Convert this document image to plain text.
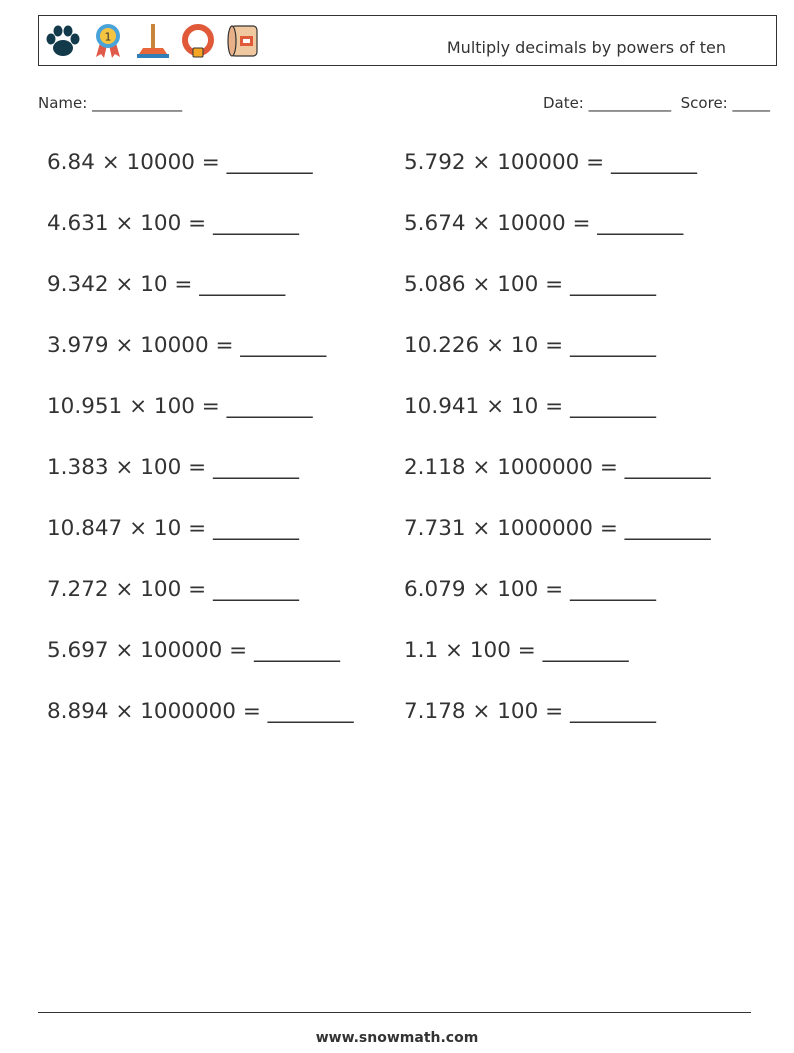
1
Multiply decimals by powers of ten
Name: ____________	Date: ___________  Score: _____
6.84 × 10000 = ________
4.631 × 100 = ________
9.342 × 10 = ________
3.979 × 10000 = ________
10.951 × 100 = ________
1.383 × 100 = ________
10.847 × 10 = ________
7.272 × 100 = ________
5.697 × 100000 = ________
8.894 × 1000000 = ________
5.792 × 100000 = ________
5.674 × 10000 = ________
5.086 × 100 = ________
10.226 × 10 = ________
10.941 × 10 = ________
2.118 × 1000000 = ________
7.731 × 1000000 = ________
6.079 × 100 = ________
1.1 × 100 = ________
7.178 × 100 = ________
www.snowmath.com
